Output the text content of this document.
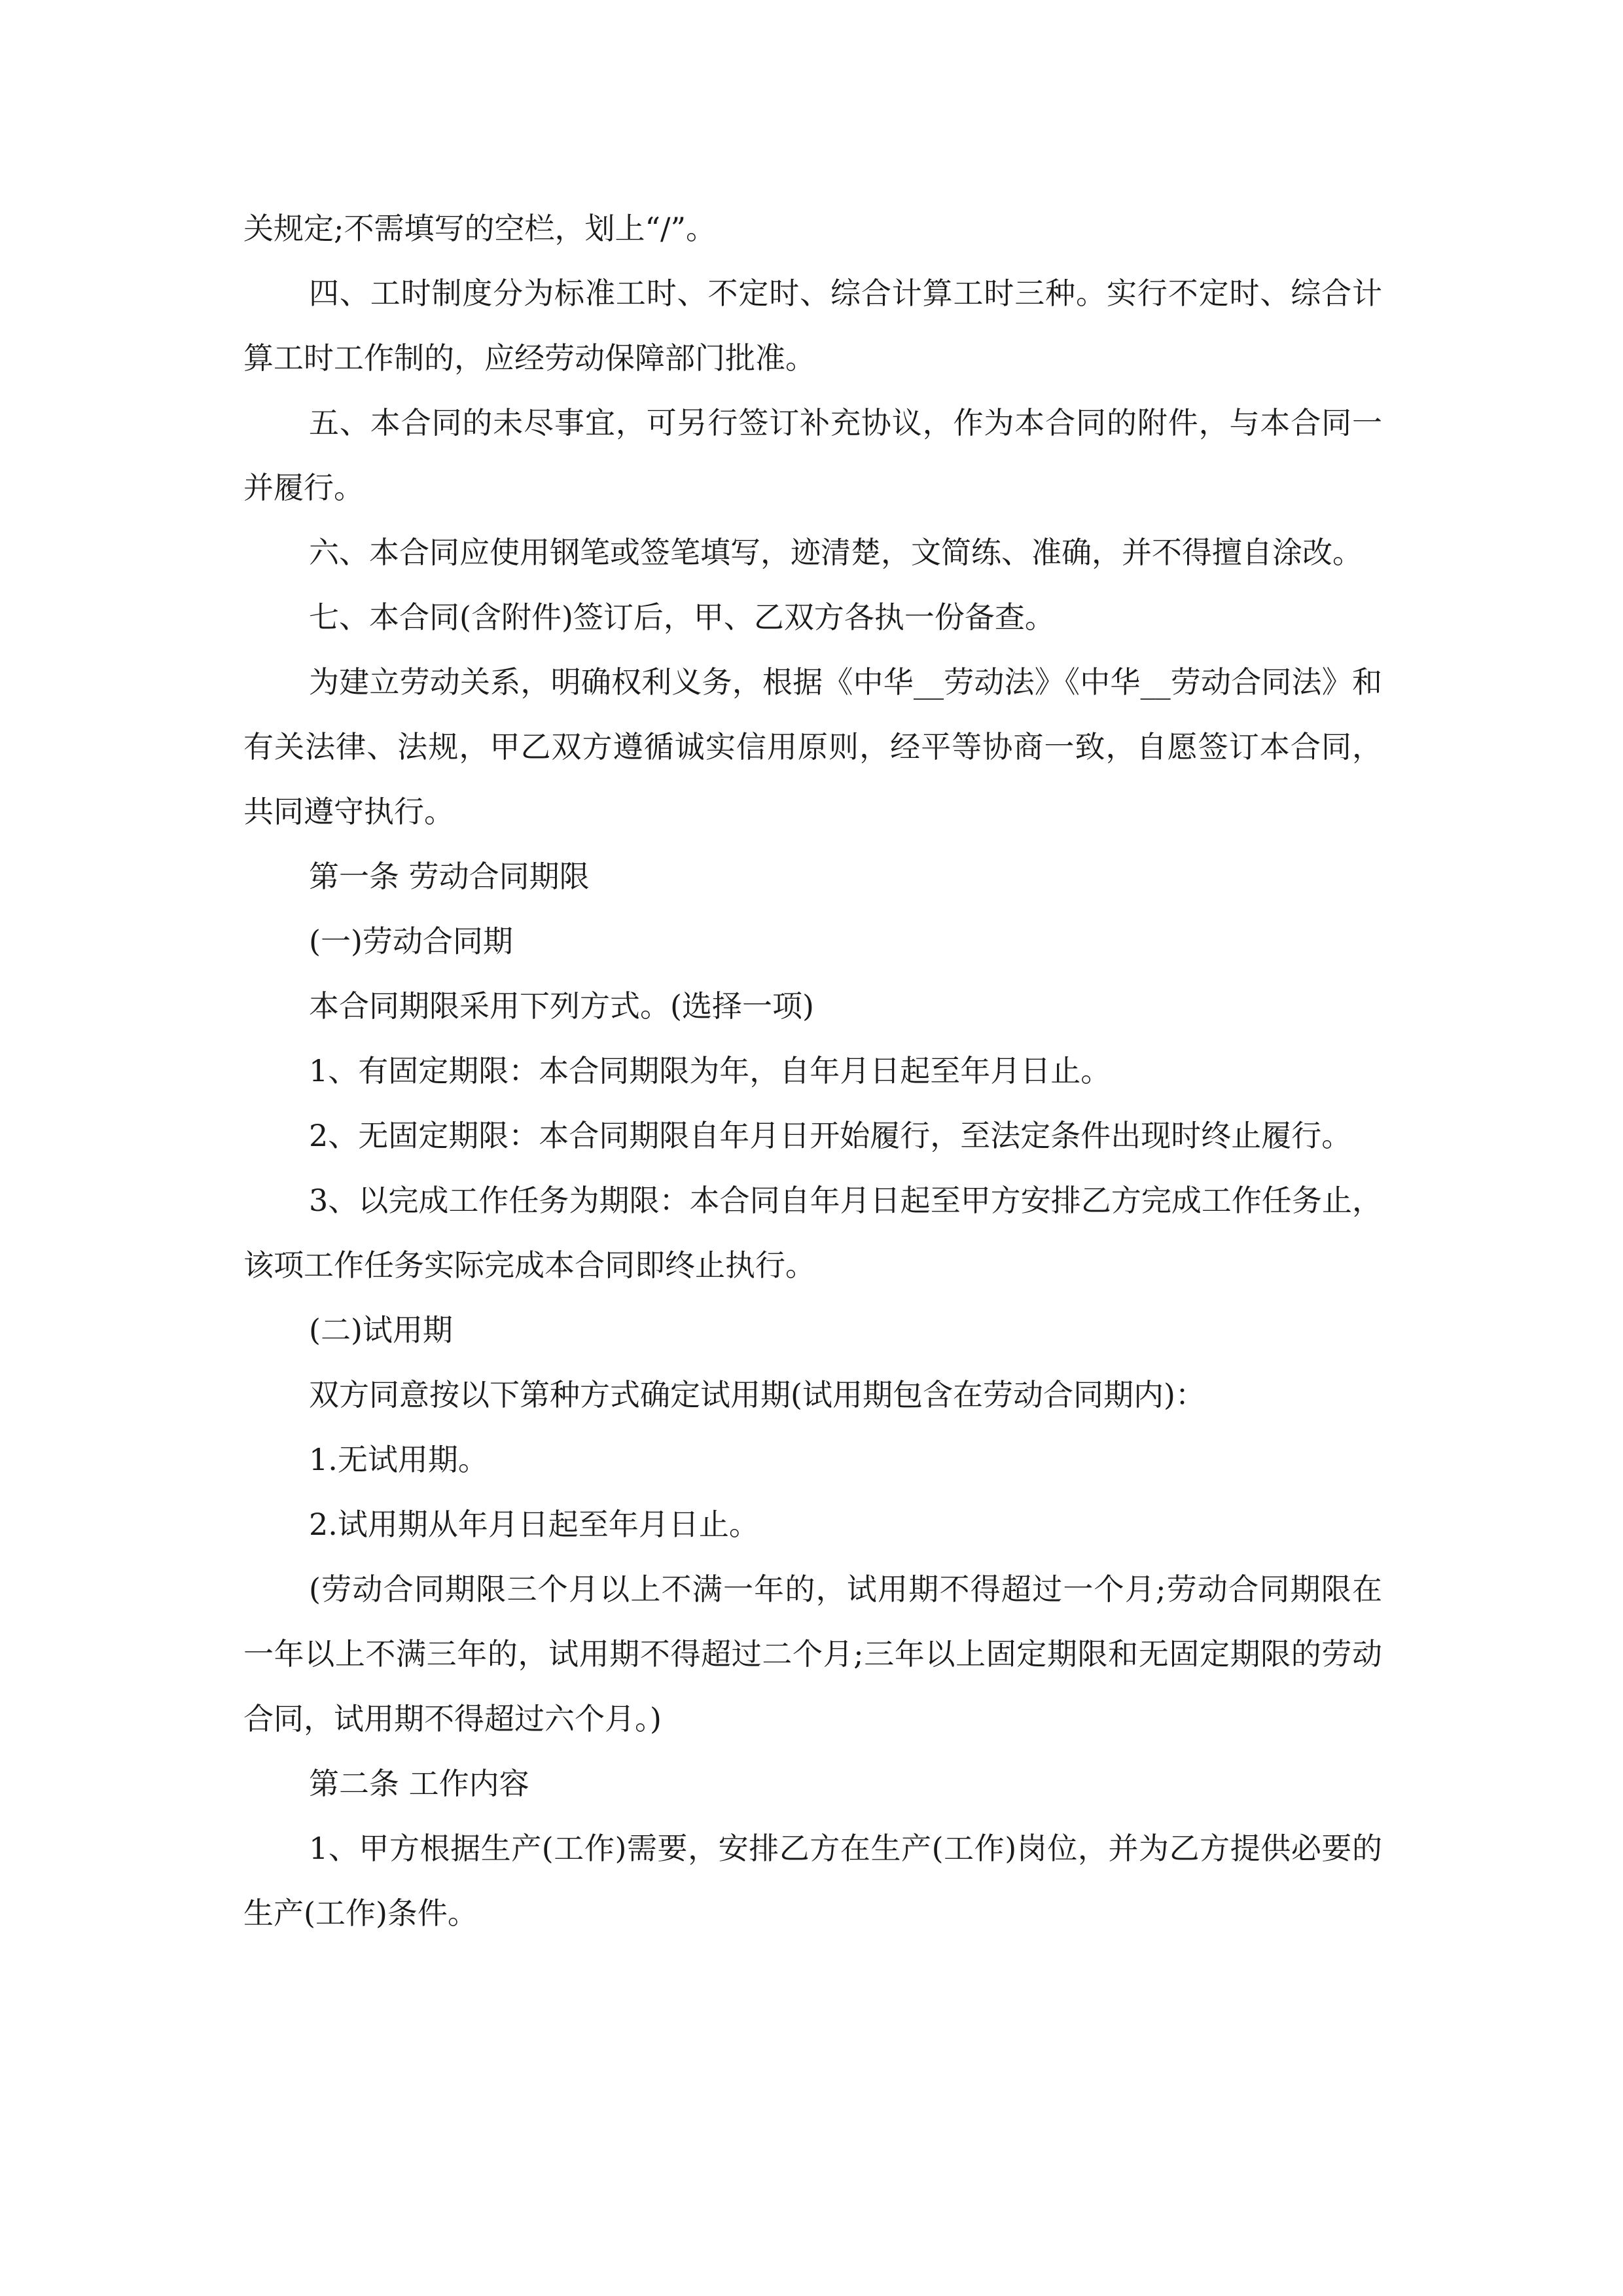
关规定;不需填写的空栏，划上“/”。

四、工时制度分为标准工时、不定时、综合计算工时三种。实行不定时、综合计算工时工作制的，应经劳动保障部门批准。

五、本合同的未尽事宜，可另行签订补充协议，作为本合同的附件，与本合同一并履行。

六、本合同应使用钢笔或签笔填写，迹清楚，文简练、准确，并不得擅自涂改。

七、本合同(含附件)签订后，甲、乙双方各执一份备查。

为建立劳动关系，明确权利义务，根据《中华__劳动法》《中华__劳动合同法》和有关法律、法规，甲乙双方遵循诚实信用原则，经平等协商一致，自愿签订本合同，共同遵守执行。

第一条 劳动合同期限

(一)劳动合同期

本合同期限采用下列方式。(选择一项)

1、有固定期限：本合同期限为年，自年月日起至年月日止。

2、无固定期限：本合同期限自年月日开始履行，至法定条件出现时终止履行。

3、以完成工作任务为期限：本合同自年月日起至甲方安排乙方完成工作任务止，该项工作任务实际完成本合同即终止执行。

(二)试用期

双方同意按以下第种方式确定试用期(试用期包含在劳动合同期内)：

1.无试用期。

2.试用期从年月日起至年月日止。

(劳动合同期限三个月以上不满一年的，试用期不得超过一个月;劳动合同期限在一年以上不满三年的，试用期不得超过二个月;三年以上固定期限和无固定期限的劳动合同，试用期不得超过六个月。)

第二条 工作内容

1、甲方根据生产(工作)需要，安排乙方在生产(工作)岗位，并为乙方提供必要的生产(工作)条件。
